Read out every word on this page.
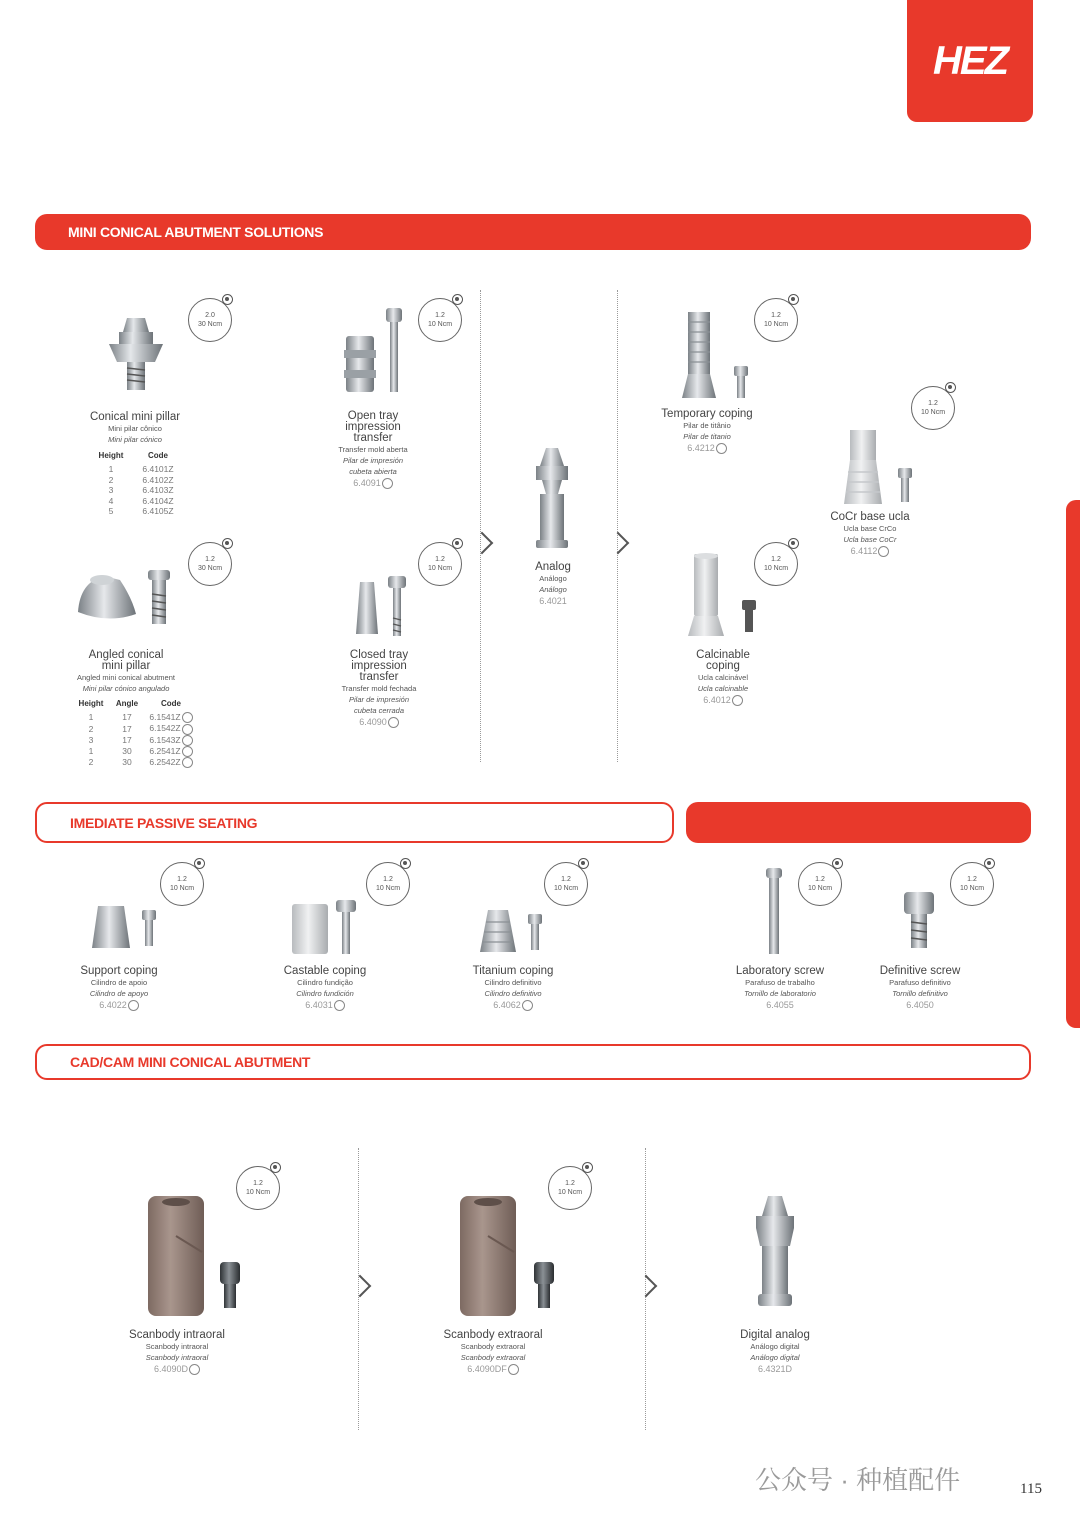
HEZ
MINI CONICAL ABUTMENT SOLUTIONS
IMEDIATE PASSIVE SEATING
CAD/CAM MINI CONICAL ABUTMENT
2.0
30 Ncm
Conical mini pillar
Mini pilar cônico
Mini pilar cónico
Height	Code
1	6.4101Z
2	6.4102Z
3	6.4103Z
4	6.4104Z
5	6.4105Z
1.2
30 Ncm
Angled conical
mini pillar
Angled mini conical abutment
Mini pilar cónico angulado
Height	Angle	Code
1	17	6.1541Z
2	17	6.1542Z
3	17	6.1543Z
1	30	6.2541Z
2	30	6.2542Z
1.2
10 Ncm
Open tray
impression
transfer
Transfer mold aberta
Pilar de impresión
cubeta abierta
6.4091
1.2
10 Ncm
Closed tray
impression
transfer
Transfer mold fechada
Pilar de impresión
cubeta cerrada
6.4090
Analog
Análogo
Análogo
6.4021
1.2
10 Ncm
Temporary coping
Pilar de titânio
Pilar de titanio
6.4212
1.2
10 Ncm
CoCr base ucla
Ucla base CrCo
Ucla base CoCr
6.4112
1.2
10 Ncm
Calcinable
coping
Ucla calcinável
Ucla calcinable
6.4012
1.2
10 Ncm
Support coping
Cilindro de apoio
Cilindro de apoyo
6.4022
1.2
10 Ncm
Castable coping
Cilindro fundição
Cilindro fundición
6.4031
1.2
10 Ncm
Titanium coping
Cilindro definitivo
Cilindro definitivo
6.4062
1.2
10 Ncm
Laboratory screw
Parafuso de trabalho
Tornillo de laboratorio
6.4055
1.2
10 Ncm
Definitive screw
Parafuso definitivo
Tornillo definitivo
6.4050
1.2
10 Ncm
Scanbody intraoral
Scanbody intraoral
Scanbody intraoral
6.4090D
1.2
10 Ncm
Scanbody extraoral
Scanbody extraoral
Scanbody extraoral
6.4090DF
Digital analog
Análogo digital
Análogo digital
6.4321D
公众号 · 种植配件	115
